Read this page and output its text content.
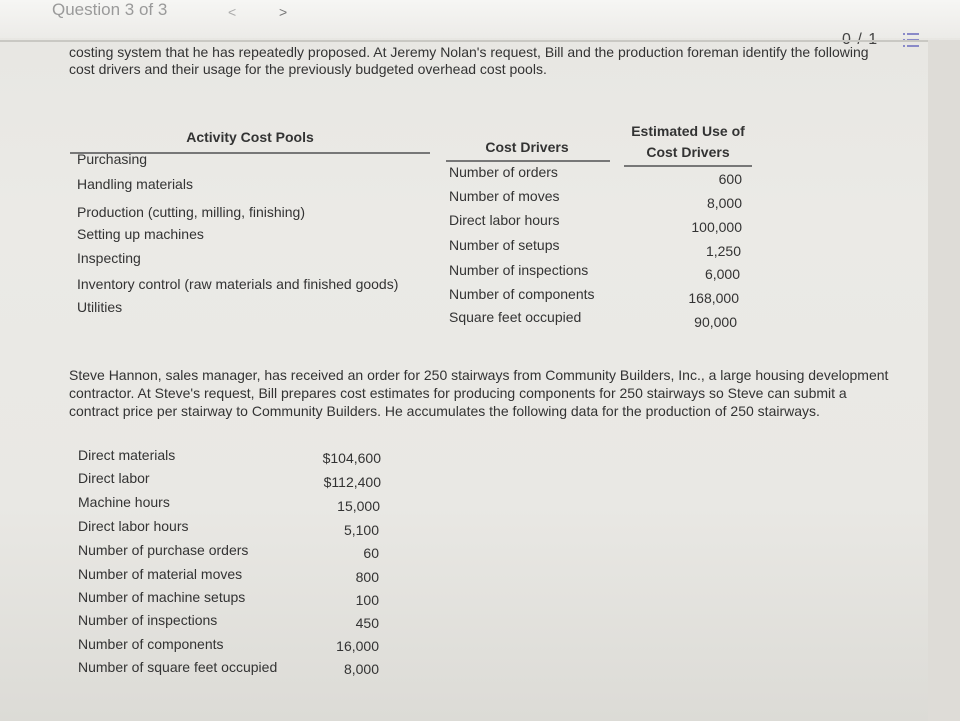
Question 3 of 3	<	>
costing system that he has repeatedly proposed. At Jeremy Nolan's request, Bill and the production foreman identify the following
cost drivers and their usage for the previously budgeted overhead cost pools.
Activity Cost Pools
Cost Drivers
Estimated Use of
Cost Drivers
Purchasing
Handling materials
Production (cutting, milling, finishing)
Setting up machines
Inspecting
Inventory control (raw materials and finished goods)
Utilities
Number of orders
Number of moves
Direct labor hours
Number of setups
Number of inspections
Number of components
Square feet occupied
600
8,000
100,000
1,250
6,000
168,000
90,000
Steve Hannon, sales manager, has received an order for 250 stairways from Community Builders, Inc., a large housing development
contractor. At Steve's request, Bill prepares cost estimates for producing components for 250 stairways so Steve can submit a
contract price per stairway to Community Builders. He accumulates the following data for the production of 250 stairways.
Direct materials
Direct labor
Machine hours
Direct labor hours
Number of purchase orders
Number of material moves
Number of machine setups
Number of inspections
Number of components
Number of square feet occupied
$104,600
$112,400
15,000
5,100
60
800
100
450
16,000
8,000
